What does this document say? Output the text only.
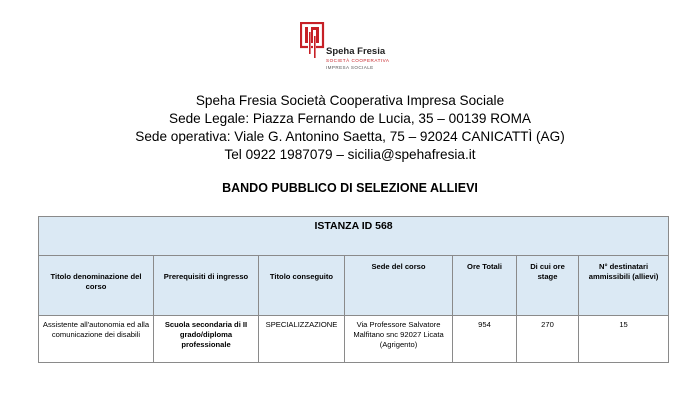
Speha Fresia
SOCIETÀ COOPERATIVA
IMPRESA SOCIALE
Speha Fresia Società Cooperativa Impresa Sociale
Sede Legale: Piazza Fernando de Lucia, 35 – 00139 ROMA
Sede operativa: Viale G. Antonino Saetta, 75 – 92024 CANICATTÌ (AG)
Tel 0922 1987079 – sicilia@spehafresia.it
BANDO PUBBLICO DI SELEZIONE ALLIEVI
ISTANZA ID 568						
Titolo denominazione del corso	Prerequisiti di ingresso	Titolo conseguito	Sede del corso	Ore Totali	Di cui ore stage	N° destinatari ammissibili (allievi)
Assistente all'autonomia ed alla comunicazione dei disabili	Scuola secondaria di II grado/diploma professionale	SPECIALIZZAZIONE	Via Professore Salvatore Malfitano snc 92027 Licata (Agrigento)	954	270	15
